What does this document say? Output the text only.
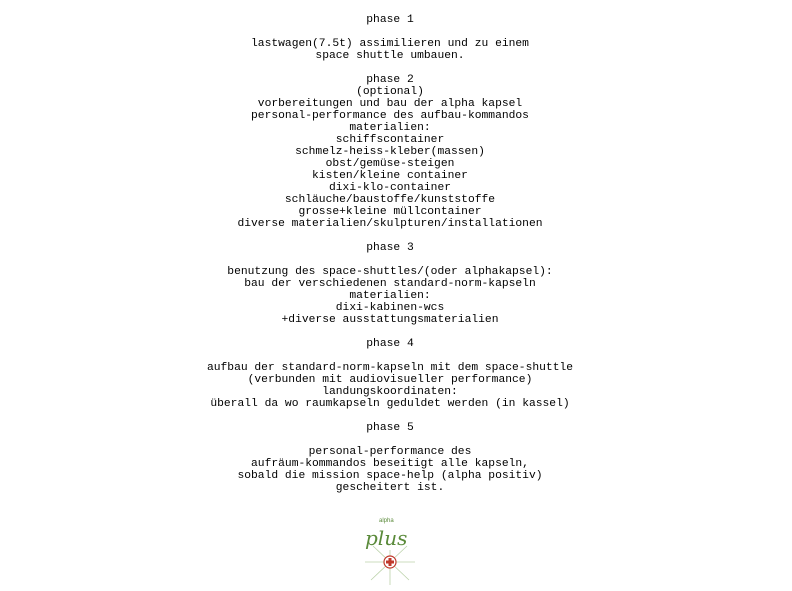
phase 1
lastwagen(7.5t) assimilieren und zu einem
space shuttle umbauen.
phase 2
(optional)
vorbereitungen und bau der alpha kapsel
personal-performance des aufbau-kommandos
materialien:
schiffscontainer
schmelz-heiss-kleber(massen)
obst/gemüse-steigen
kisten/kleine container
dixi-klo-container
schläuche/baustoffe/kunststoffe
grosse+kleine müllcontainer
diverse materialien/skulpturen/installationen
phase 3
benutzung des space-shuttles/(oder alphakapsel):
bau der verschiedenen standard-norm-kapseln
materialien:
dixi-kabinen-wcs
+diverse ausstattungsmaterialien
phase 4
aufbau der standard-norm-kapseln mit dem space-shuttle
(verbunden mit audiovisueller performance)
landungskoordinaten:
überall da wo raumkapseln geduldet werden (in kassel)
phase 5
personal-performance des
aufräum-kommandos beseitigt alle kapseln,
sobald die mission space-help (alpha positiv)
gescheitert ist.
alpha
plus
